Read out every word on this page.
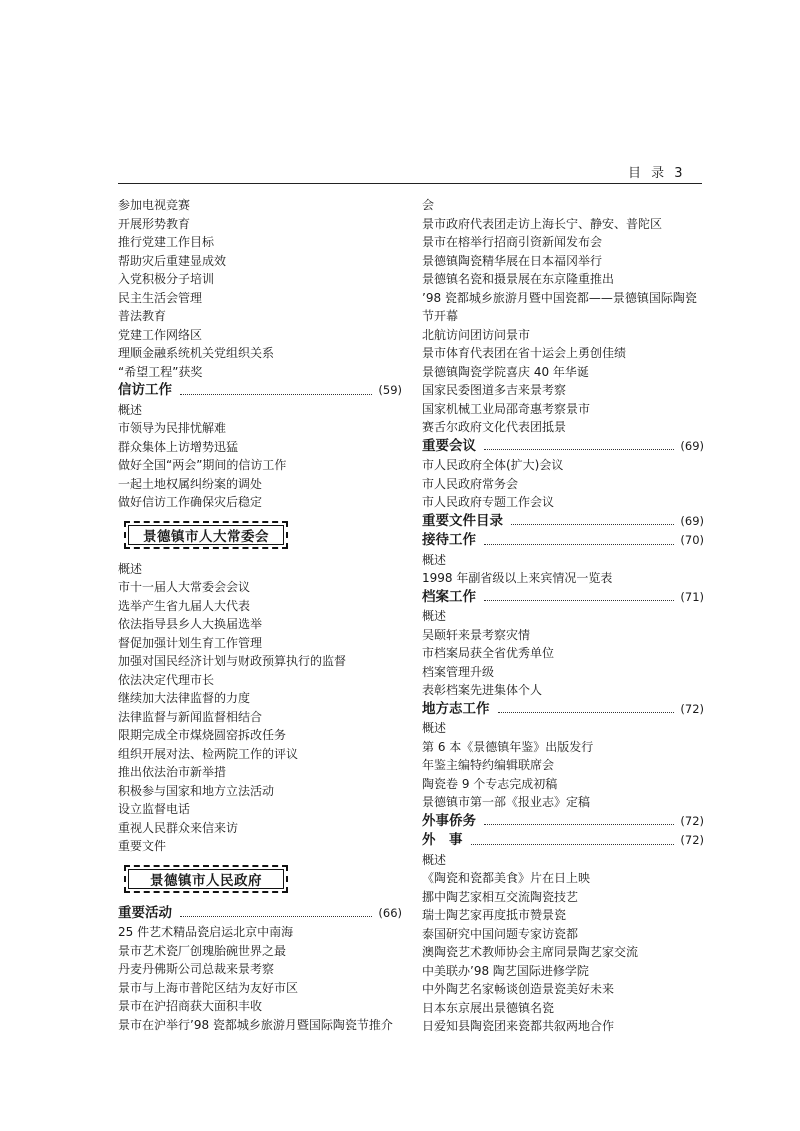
目 录 3
参加电视竞赛
开展形势教育
推行党建工作目标
帮助灾后重建显成效
入党积极分子培训
民主生活会管理
普法教育
党建工作网络区
理顺金融系统机关党组织关系
“希望工程”获奖
信访工作	(59)
概述
市领导为民排忧解难
群众集体上访增势迅猛
做好全国“两会”期间的信访工作
一起土地权属纠纷案的调处
做好信访工作确保灾后稳定
景德镇市人大常委会
概述
市十一届人大常委会会议
选举产生省九届人大代表
依法指导县乡人大换届选举
督促加强计划生育工作管理
加强对国民经济计划与财政预算执行的监督
依法决定代理市长
继续加大法律监督的力度
法律监督与新闻监督相结合
限期完成全市煤烧圆窑拆改任务
组织开展对法、检两院工作的评议
推出依法治市新举措
积极参与国家和地方立法活动
设立监督电话
重视人民群众来信来访
重要文件
景德镇市人民政府
重要活动	(66)
25 件艺术精品瓷启运北京中南海
景市艺术瓷厂创瑰胎碗世界之最
丹麦丹佛斯公司总裁来景考察
景市与上海市普陀区结为友好市区
景市在沪招商获大面积丰收
景市在沪举行’98 瓷都城乡旅游月暨国际陶瓷节推介
会
景市政府代表团走访上海长宁、静安、普陀区
景市在榕举行招商引资新闻发布会
景德镇陶瓷精华展在日本福冈举行
景德镇名瓷和摄景展在东京隆重推出
’98 瓷都城乡旅游月暨中国瓷都——景德镇国际陶瓷
节开幕
北航访问团访问景市
景市体育代表团在省十运会上勇创佳绩
景德镇陶瓷学院喜庆 40 年华诞
国家民委图道多吉来景考察
国家机械工业局邵奇惠考察景市
赛舌尔政府文化代表团抵景
重要会议	(69)
市人民政府全体(扩大)会议
市人民政府常务会
市人民政府专题工作会议
重要文件目录	(69)
接待工作	(70)
概述
1998 年副省级以上来宾情况一览表
档案工作	(71)
概述
吴颐轩来景考察灾情
市档案局获全省优秀单位
档案管理升级
表彰档案先进集体个人
地方志工作	(72)
概述
第 6 本《景德镇年鉴》出版发行
年鉴主编特约编辑联席会
陶瓷卷 9 个专志完成初稿
景德镇市第一部《报业志》定稿
外事侨务	(72)
外　事	(72)
概述
《陶瓷和瓷都美食》片在日上映
挪中陶艺家相互交流陶瓷技艺
瑞士陶艺家再度抵市赞景瓷
泰国研究中国问题专家访瓷都
澳陶瓷艺术教师协会主席同景陶艺家交流
中美联办’98 陶艺国际进修学院
中外陶艺名家畅谈创造景瓷美好未来
日本东京展出景德镇名瓷
日爱知县陶瓷团来瓷都共叙两地合作
